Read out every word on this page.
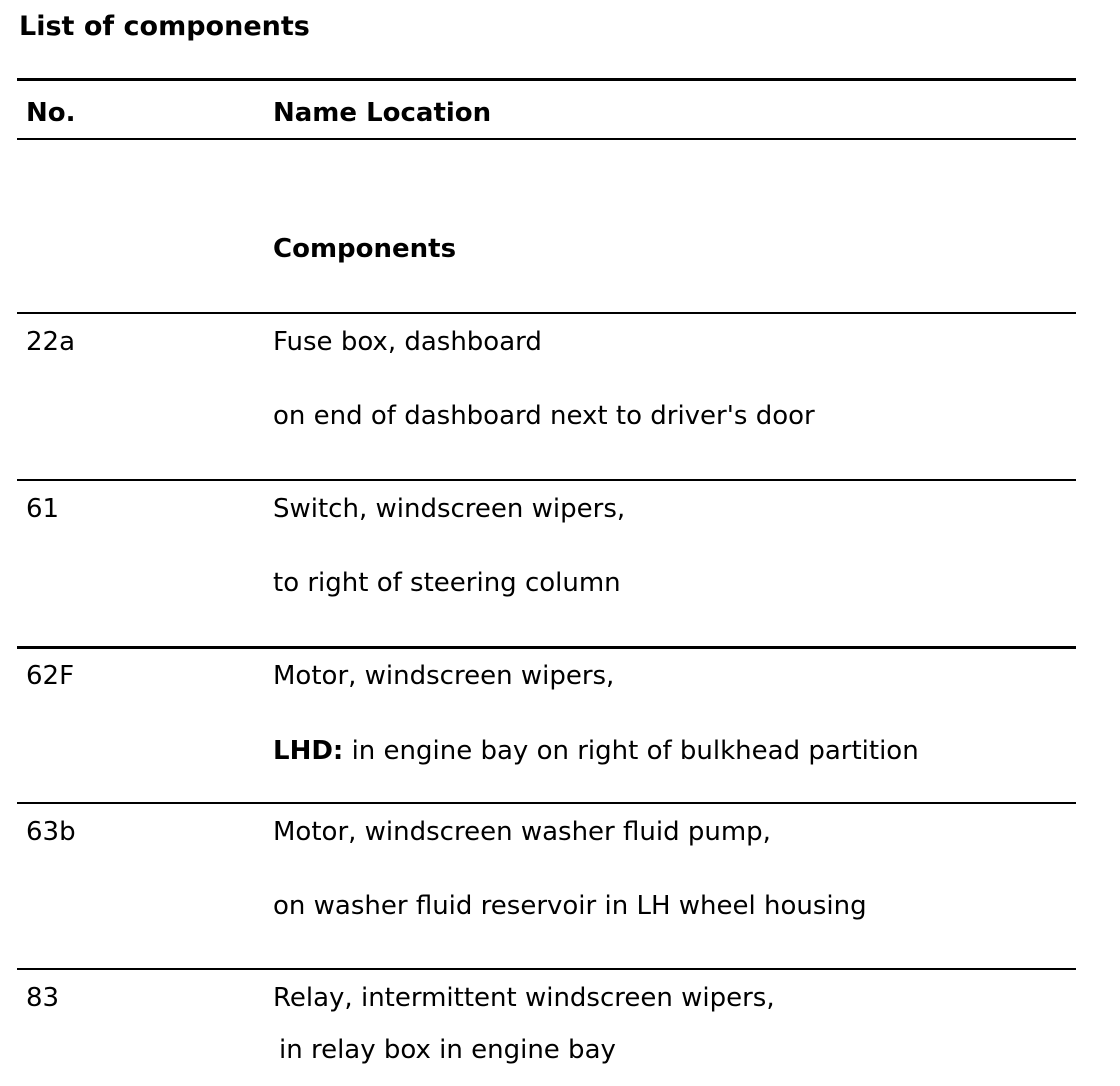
List of components
No.	Name Location
Components
22a	Fuse box, dashboard
on end of dashboard next to driver's door
61	Switch, windscreen wipers,
to right of steering column
62F	Motor, windscreen wipers,
LHD: in engine bay on right of bulkhead partition
63b	Motor, windscreen washer fluid pump,
on washer fluid reservoir in LH wheel housing
83	Relay, intermittent windscreen wipers,
in relay box in engine bay
